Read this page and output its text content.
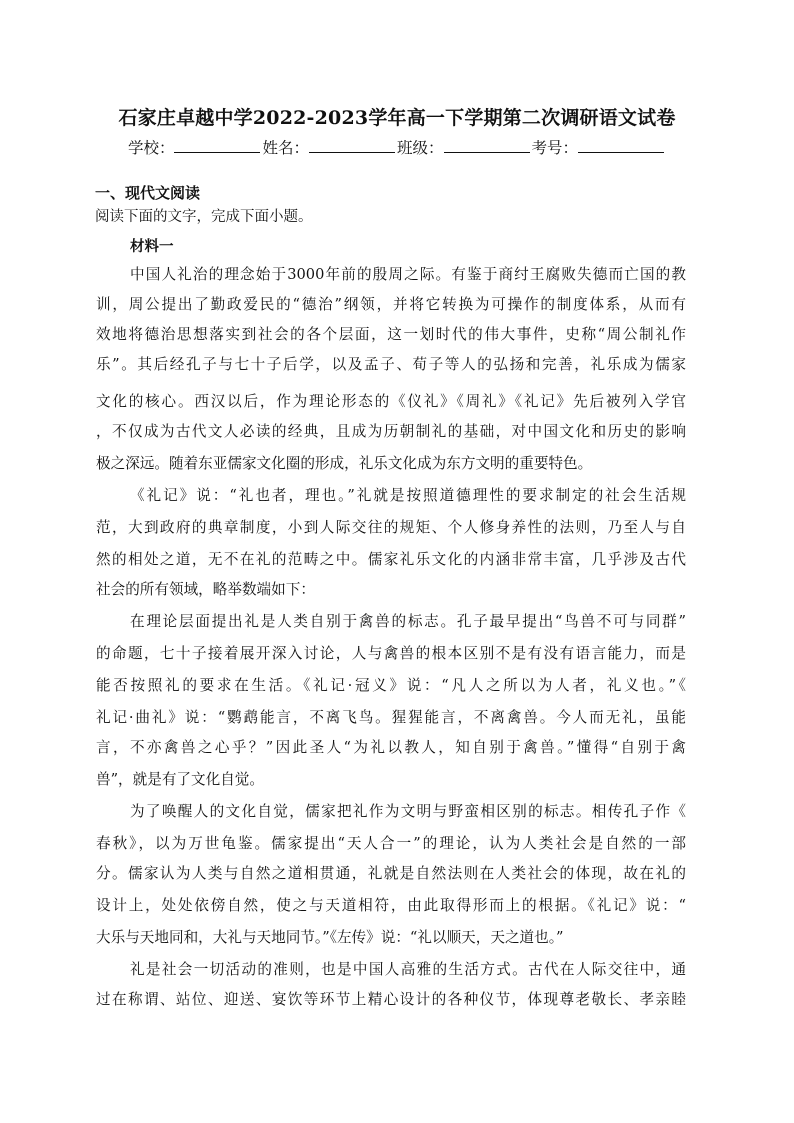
石家庄卓越中学2022-2023学年高一下学期第二次调研语文试卷
学校：	姓名：	班级：	考号：
一、现代文阅读
阅读下面的文字，完成下面小题。
材料一
中国人礼治的理念始于3000年前的殷周之际。有鉴于商纣王腐败失德而亡国的教
训，周公提出了勤政爱民的“德治”纲领，并将它转换为可操作的制度体系，从而有
效地将德治思想落实到社会的各个层面，这一划时代的伟大事件，史称“周公制礼作
乐”。其后经孔子与七十子后学，以及孟子、荀子等人的弘扬和完善，礼乐成为儒家
文化的核心。西汉以后，作为理论形态的《仪礼》《周礼》《礼记》先后被列入学官
，不仅成为古代文人必读的经典，且成为历朝制礼的基础，对中国文化和历史的影响
极之深远。随着东亚儒家文化圈的形成，礼乐文化成为东方文明的重要特色。
《礼记》说：“礼也者，理也。”礼就是按照道德理性的要求制定的社会生活规
范，大到政府的典章制度，小到人际交往的规矩、个人修身养性的法则，乃至人与自
然的相处之道，无不在礼的范畴之中。儒家礼乐文化的内涵非常丰富，几乎涉及古代
社会的所有领域，略举数端如下：
在理论层面提出礼是人类自别于禽兽的标志。孔子最早提出“鸟兽不可与同群”
的命题，七十子接着展开深入讨论，人与禽兽的根本区别不是有没有语言能力，而是
能否按照礼的要求在生活。《礼记·冠义》说：“凡人之所以为人者，礼义也。”《
礼记·曲礼》说：“鹦鹉能言，不离飞鸟。猩猩能言，不离禽兽。今人而无礼，虽能
言，不亦禽兽之心乎？”因此圣人“为礼以教人，知自别于禽兽。”懂得“自别于禽
兽”，就是有了文化自觉。
为了唤醒人的文化自觉，儒家把礼作为文明与野蛮相区别的标志。相传孔子作《
春秋》，以为万世龟鉴。儒家提出“天人合一”的理论，认为人类社会是自然的一部
分。儒家认为人类与自然之道相贯通，礼就是自然法则在人类社会的体现，故在礼的
设计上，处处依傍自然，使之与天道相符，由此取得形而上的根据。《礼记》说：“
大乐与天地同和，大礼与天地同节。”《左传》说：“礼以顺天，天之道也。”
礼是社会一切活动的准则，也是中国人高雅的生活方式。古代在人际交往中，通
过在称谓、站位、迎送、宴饮等环节上精心设计的各种仪节，体现尊老敬长、孝亲睦
